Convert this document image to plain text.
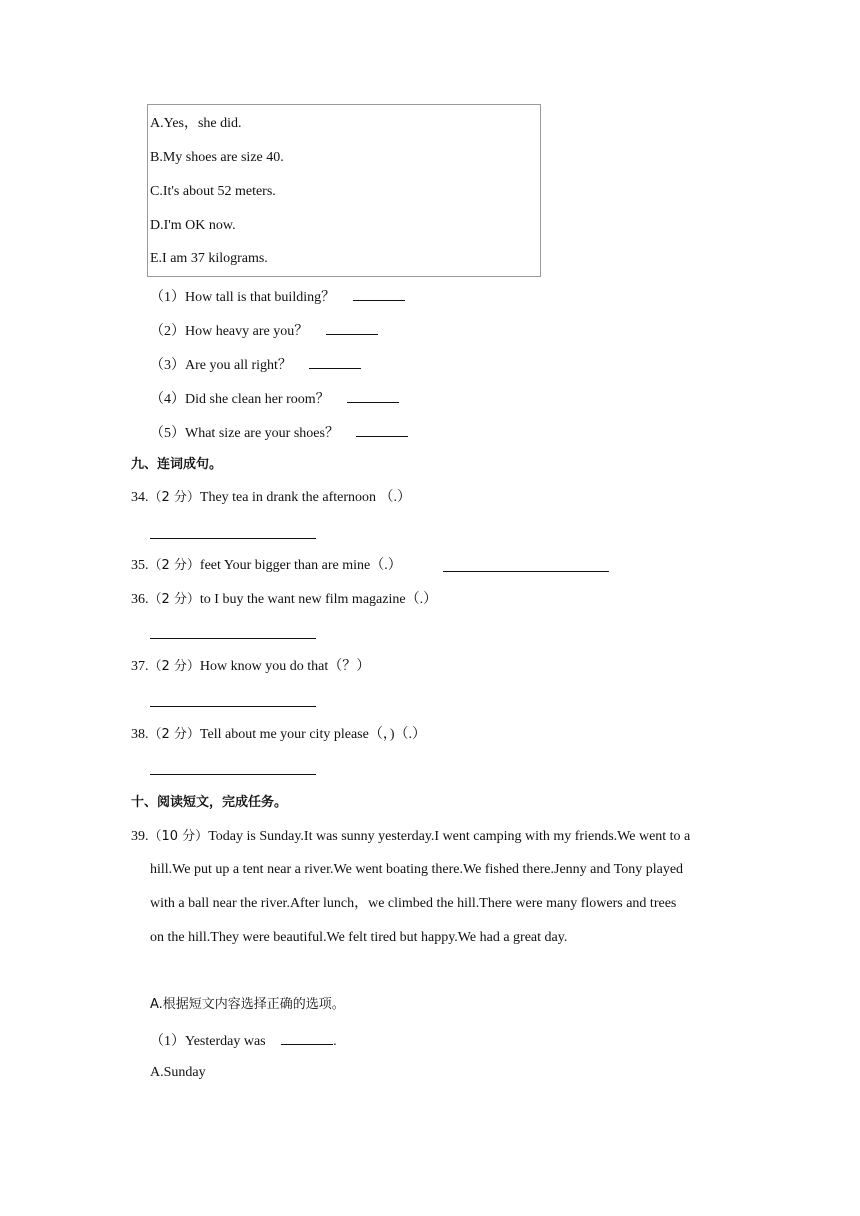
A.Yes，she did.
B.My shoes are size 40.
C.It's about 52 meters.
D.I'm OK now.
E.I am 37 kilograms.
（1）How tall is that building？
（2）How heavy are you？
（3）Are you all right？
（4）Did she clean her room？
（5）What size are your shoes？
九、连词成句。
34.（2 分）They tea in drank the afternoon （.）
35.（2 分）feet Your bigger than are mine（.）
36.（2 分）to I buy the want new film magazine（.）
37.（2 分）How know you do that（？）
38.（2 分）Tell about me your city please（，)（.）
十、阅读短文，完成任务。
39.（10 分）Today is Sunday.It was sunny yesterday.I went camping with my friends.We went to a
hill.We put up a tent near a river.We went boating there.We fished there.Jenny and Tony played
with a ball near the river.After lunch，we climbed the hill.There were many flowers and trees
on the hill.They were beautiful.We felt tired but happy.We had a great day.
A.根据短文内容选择正确的选项。
（1）Yesterday was	.
A.Sunday
